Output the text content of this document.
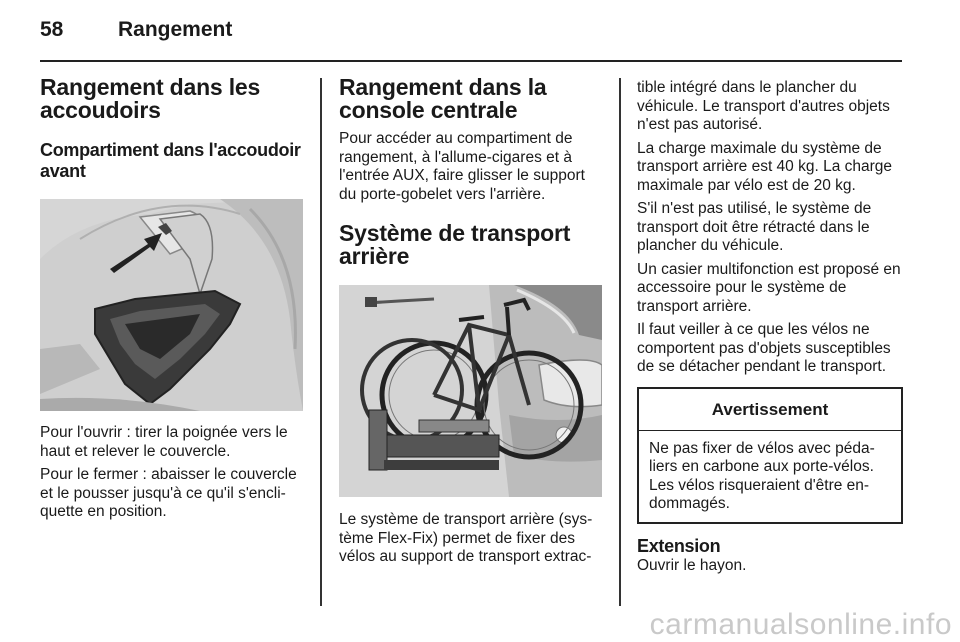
58	Rangement
Rangement dans les accoudoirs
Compartiment dans l'accoudoir avant

Pour l'ouvrir : tirer la poignée vers le haut et relever le couvercle.

Pour le fermer : abaisser le couvercle et le pousser jusqu'à ce qu'il s'encli-quette en position.

Rangement dans la console centrale

Pour accéder au compartiment de rangement, à l'allume-cigares et à l'entrée AUX, faire glisser le support du porte-gobelet vers l'arrière.

Système de transport arrière

Le système de transport arrière (sys-tème Flex-Fix) permet de fixer des vélos au support de transport extrac-

tible intégré dans le plancher du véhicule. Le transport d'autres objets n'est pas autorisé.

La charge maximale du système de transport arrière est 40 kg. La charge maximale par vélo est de 20 kg.

S'il n'est pas utilisé, le système de transport doit être rétracté dans le plancher du véhicule.

Un casier multifonction est proposé en accessoire pour le système de transport arrière.

Il faut veiller à ce que les vélos ne comportent pas d'objets susceptibles de se détacher pendant le transport.

Avertissement
Ne pas fixer de vélos avec péda-liers en carbone aux porte-vélos. Les vélos risqueraient d'être en-dommagés.
Extension

Ouvrir le hayon.

carmanualsonline.info
